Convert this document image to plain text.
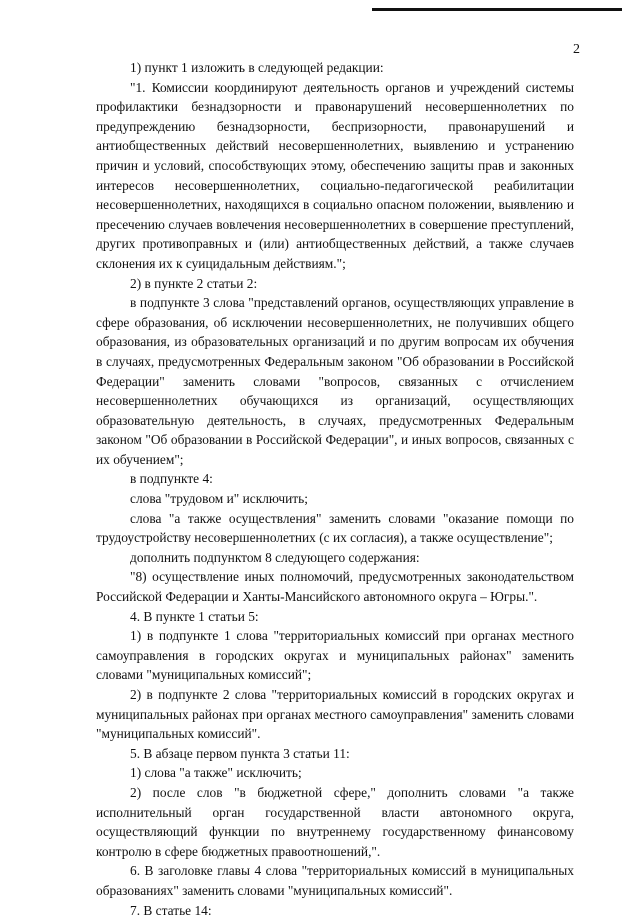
2

1) пункт 1 изложить в следующей редакции:

"1. Комиссии координируют деятельность органов и учреждений системы профилактики безнадзорности и правонарушений несовершеннолетних по предупреждению безнадзорности, беспризорности, правонарушений и антиобщественных действий несовершеннолетних, выявлению и устранению причин и условий, способствующих этому, обеспечению защиты прав и законных интересов несовершеннолетних, социально-педагогической реабилитации несовершеннолетних, находящихся в социально опасном положении, выявлению и пресечению случаев вовлечения несовершеннолетних в совершение преступлений, других противоправных и (или) антиобщественных действий, а также случаев склонения их к суицидальным действиям.";

2) в пункте 2 статьи 2:

в подпункте 3 слова "представлений органов, осуществляющих управление в сфере образования, об исключении несовершеннолетних, не получивших общего образования, из образовательных организаций и по другим вопросам их обучения в случаях, предусмотренных Федеральным законом "Об образовании в Российской Федерации" заменить словами "вопросов, связанных с отчислением несовершеннолетних обучающихся из организаций, осуществляющих образовательную деятельность, в случаях, предусмотренных Федеральным законом "Об образовании в Российской Федерации", и иных вопросов, связанных с их обучением";

в подпункте 4:

слова "трудовом и" исключить;

слова "а также осуществления" заменить словами "оказание помощи по трудоустройству несовершеннолетних (с их согласия), а также осуществление";

дополнить подпунктом 8 следующего содержания:

"8) осуществление иных полномочий, предусмотренных законодательством Российской Федерации и Ханты-Мансийского автономного округа – Югры.".

4. В пункте 1 статьи 5:

1) в подпункте 1 слова "территориальных комиссий при органах местного самоуправления в городских округах и муниципальных районах" заменить словами "муниципальных комиссий";

2) в подпункте 2 слова "территориальных комиссий в городских округах и муниципальных районах при органах местного самоуправления" заменить словами "муниципальных комиссий".

5. В абзаце первом пункта 3 статьи 11:

1) слова "а также" исключить;

2) после слов "в бюджетной сфере," дополнить словами "а также исполнительный орган государственной власти автономного округа, осуществляющий функции по внутреннему государственному финансовому контролю в сфере бюджетных правоотношений,".

6. В заголовке главы 4 слова "территориальных комиссий в муниципальных образованиях" заменить словами "муниципальных комиссий".

7. В статье 14:
